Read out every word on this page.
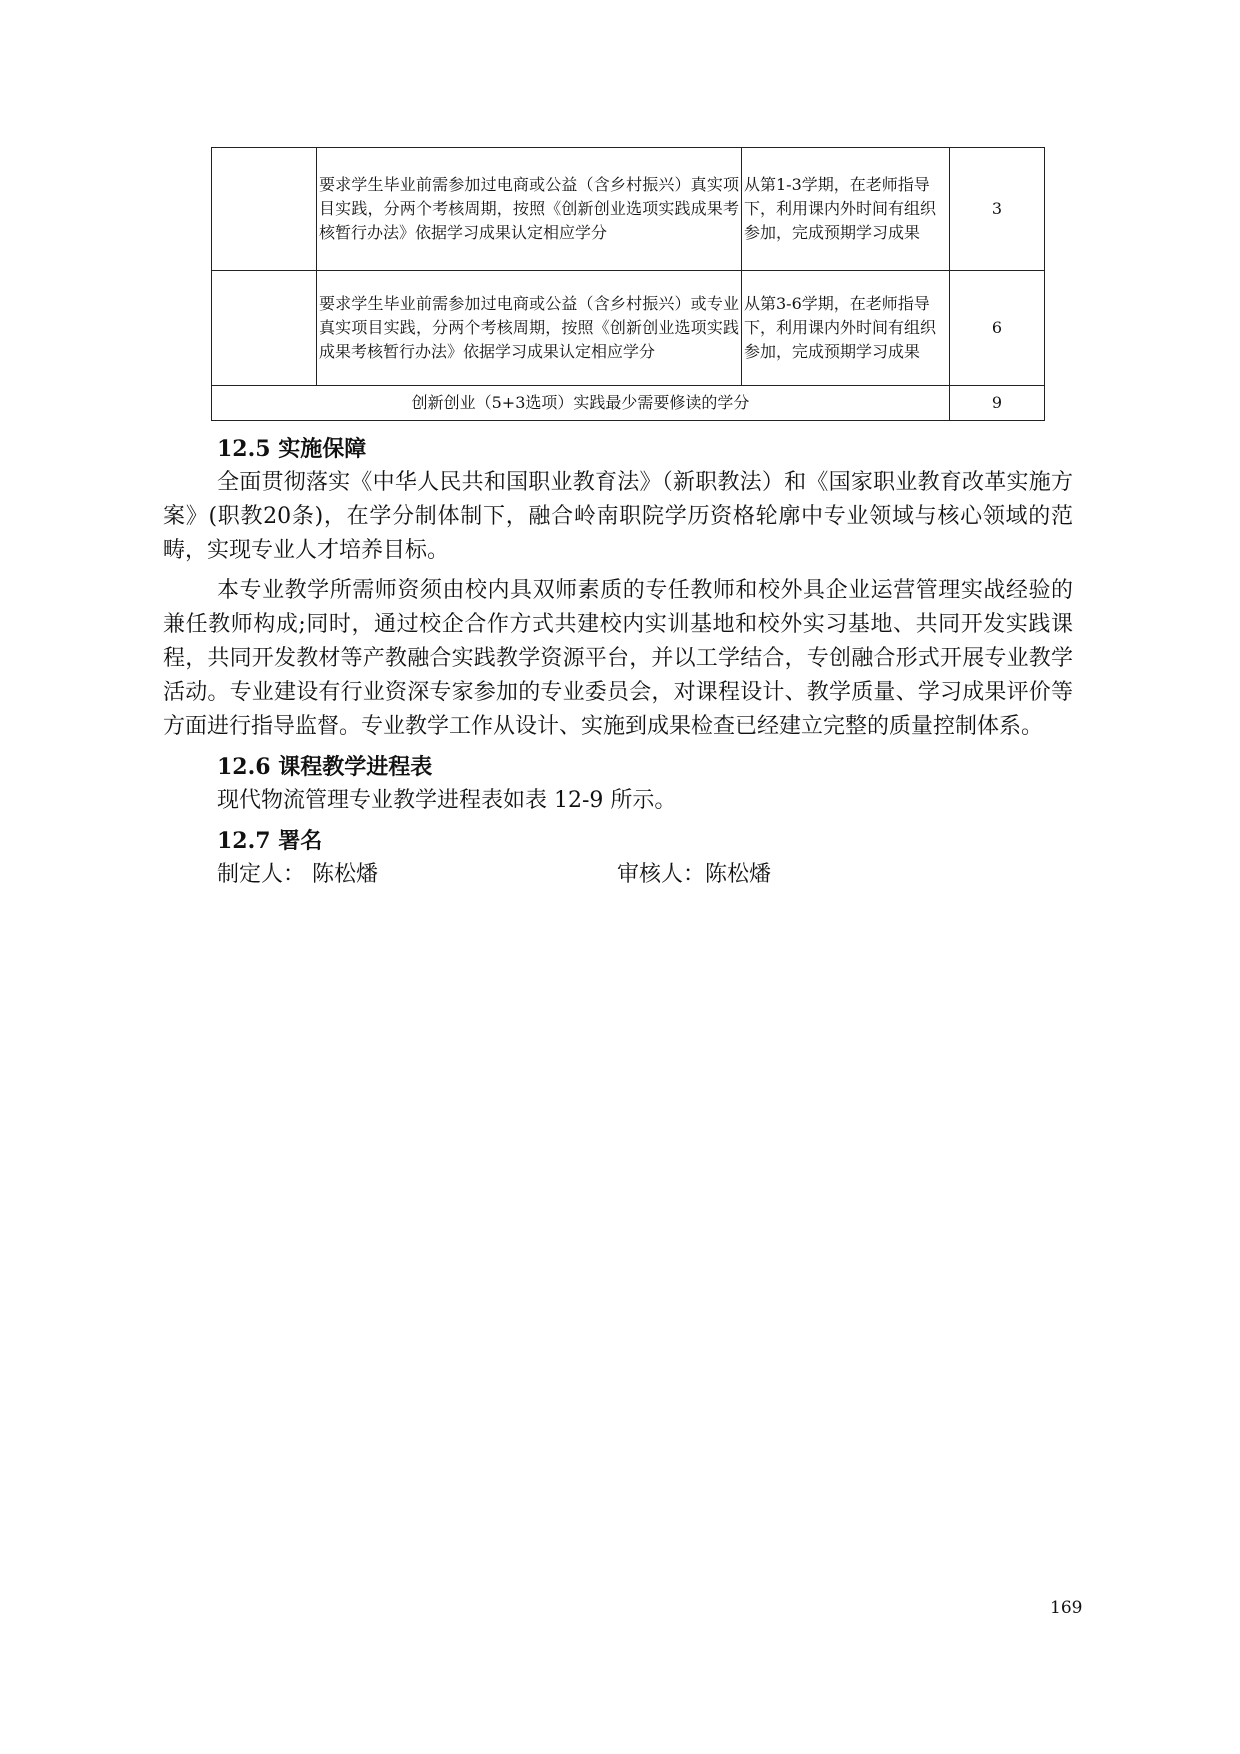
	要求学生毕业前需参加过电商或公益（含乡村振兴）真实项目实践，分两个考核周期，按照《创新创业选项实践成果考核暂行办法》依据学习成果认定相应学分	从第1-3学期，在老师指导下，利用课内外时间有组织参加，完成预期学习成果	3
	要求学生毕业前需参加过电商或公益（含乡村振兴）或专业真实项目实践，分两个考核周期，按照《创新创业选项实践成果考核暂行办法》依据学习成果认定相应学分	从第3-6学期，在老师指导下，利用课内外时间有组织参加，完成预期学习成果	6
创新创业（5+3选项）实践最少需要修读的学分			9
12.5 实施保障

全面贯彻落实《中华人民共和国职业教育法》（新职教法）和《国家职业教育改革实施方案》(职教20条)，在学分制体制下，融合岭南职院学历资格轮廓中专业领域与核心领域的范畴，实现专业人才培养目标。

本专业教学所需师资须由校内具双师素质的专任教师和校外具企业运营管理实战经验的兼任教师构成;同时，通过校企合作方式共建校内实训基地和校外实习基地、共同开发实践课程，共同开发教材等产教融合实践教学资源平台，并以工学结合，专创融合形式开展专业教学活动。专业建设有行业资深专家参加的专业委员会，对课程设计、教学质量、学习成果评价等方面进行指导监督。专业教学工作从设计、实施到成果检查已经建立完整的质量控制体系。

12.6 课程教学进程表

现代物流管理专业教学进程表如表 12-9 所示。

12.7 署名
制定人： 陈松燔	审核人：陈松燔
169
